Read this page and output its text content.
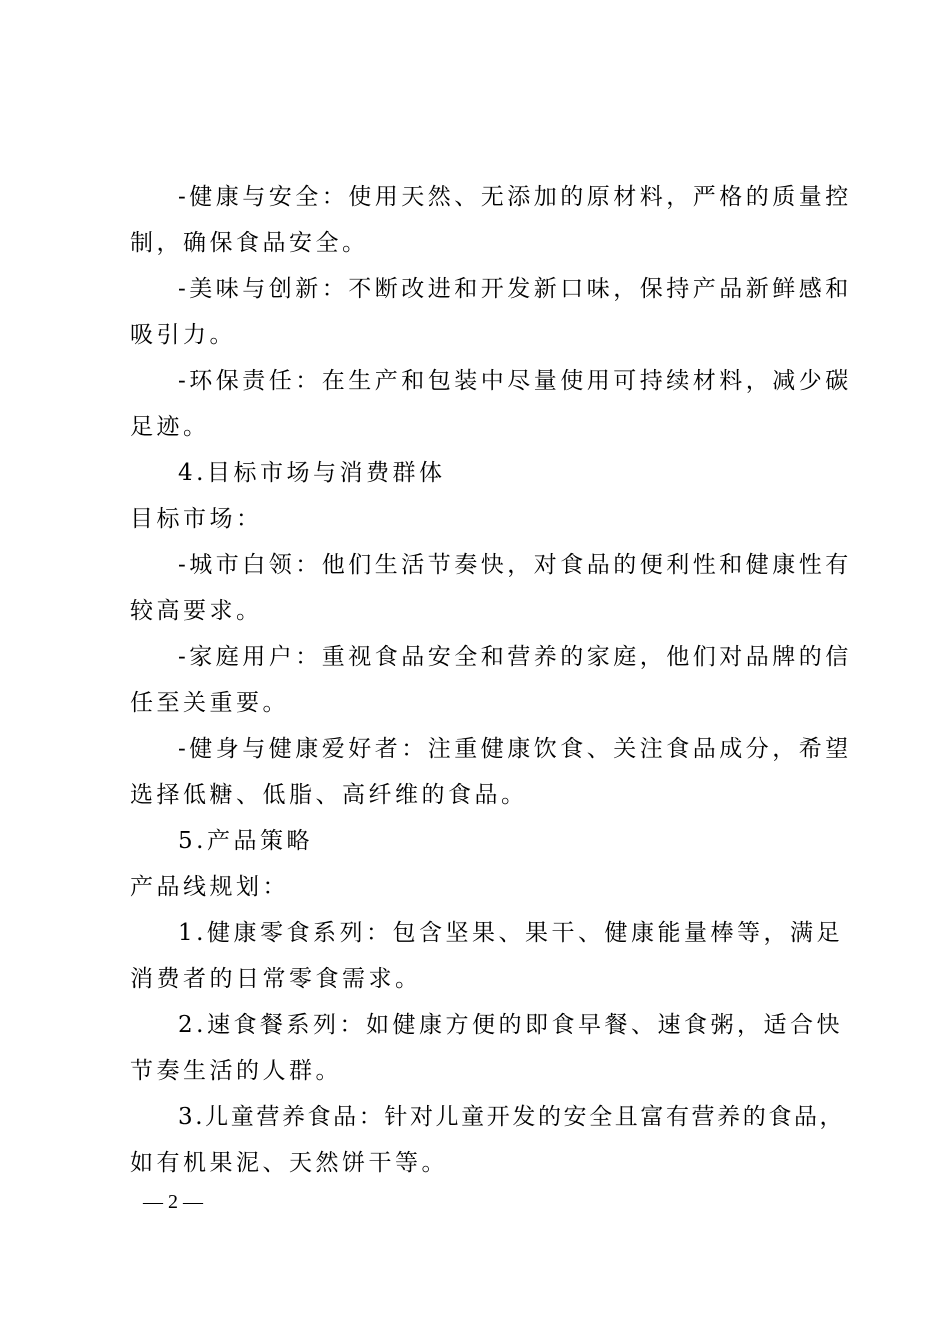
-健康与安全：使用天然、无添加的原材料，严格的质量控
制，确保食品安全。
-美味与创新：不断改进和开发新口味，保持产品新鲜感和
吸引力。
-环保责任：在生产和包装中尽量使用可持续材料，减少碳
足迹。
4.目标市场与消费群体
目标市场：
-城市白领：他们生活节奏快，对食品的便利性和健康性有
较高要求。
-家庭用户：重视食品安全和营养的家庭，他们对品牌的信
任至关重要。
-健身与健康爱好者：注重健康饮食、关注食品成分，希望
选择低糖、低脂、高纤维的食品。
5.产品策略
产品线规划：
1.健康零食系列：包含坚果、果干、健康能量棒等，满足
消费者的日常零食需求。
2.速食餐系列：如健康方便的即食早餐、速食粥，适合快
节奏生活的人群。
3.儿童营养食品：针对儿童开发的安全且富有营养的食品，
如有机果泥、天然饼干等。
— 2 —
